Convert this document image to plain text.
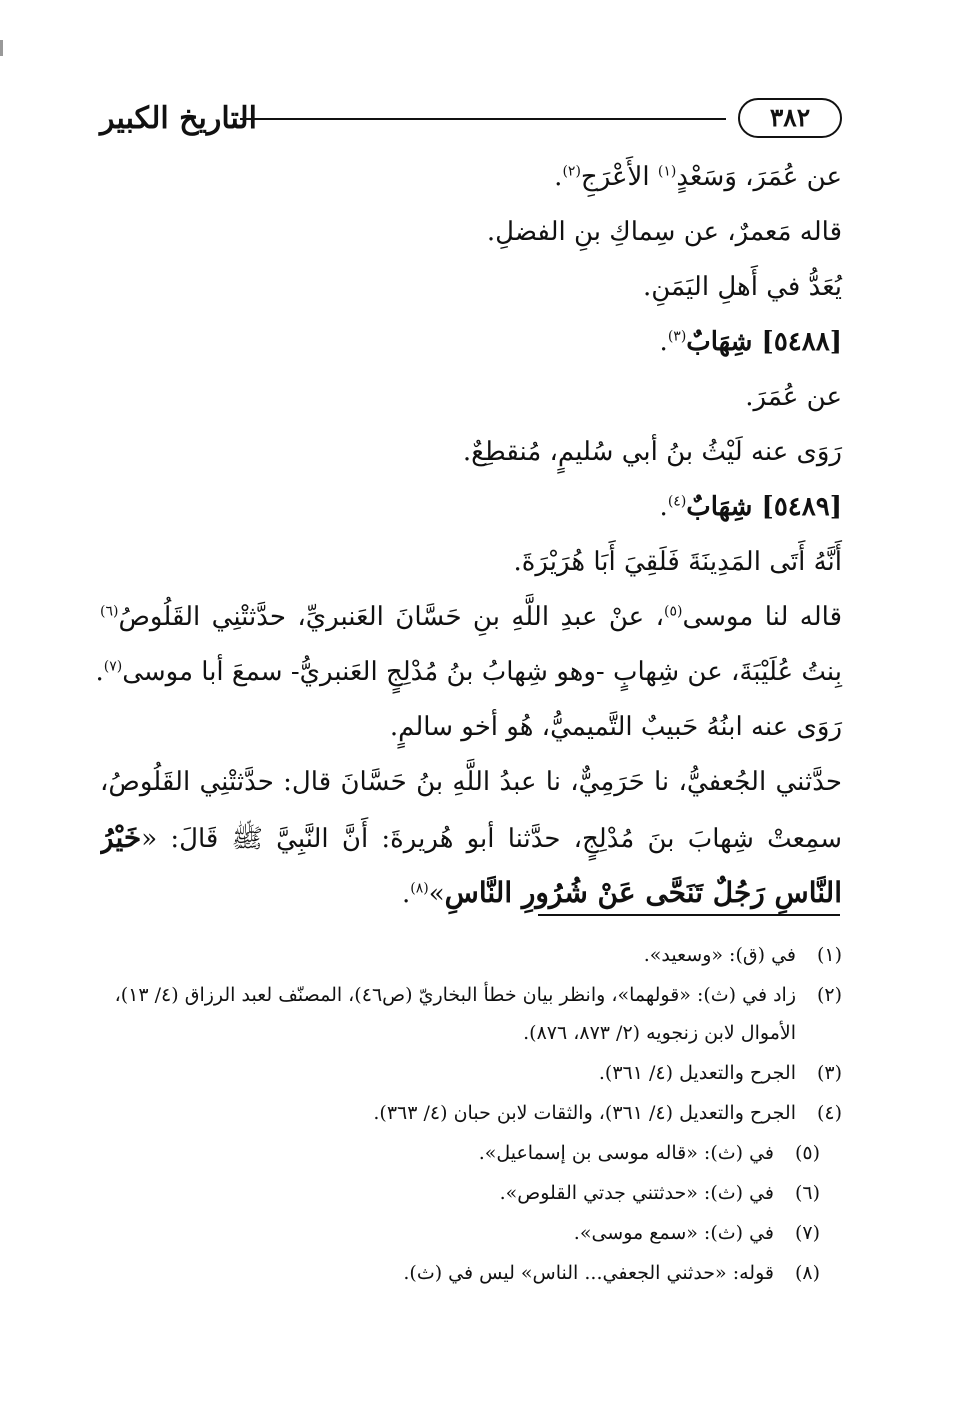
التاريخ الكبير	٣٨٢
عن عُمَرَ، وَسَعْدٍ$^{(١)}$ الأَعْرَجِ$^{(٢)}$.
قاله مَعمرٌ، عن سِماكِ بنِ الفضلِ.
يُعَدُّ في أَهلِ اليَمَنِ.
[٥٤٨٨] شِهَابٌ$^{(٣)}$.
عن عُمَرَ.
رَوَى عنه لَيْثُ بنُ أبي سُليمٍ، مُنقطِعٌ.
[٥٤٨٩] شِهَابٌ$^{(٤)}$.
أَنَّهُ أَتَى المَدِينَةَ فَلَقِيَ أَبَا هُرَيْرَةَ.
قاله لنا موسى$^{(٥)}$، عنْ عبدِ اللَّهِ بنِ حَسَّانَ العَنبريِّ، حدَّثتْنِي القَلُوصُ$^{(٦)}$
بِنتُ عُلَيْبَةَ، عن شِهابٍ -وهو شِهابُ بنُ مُدْلِجٍ العَنبريُّ- سمعَ أبا موسى$^{(٧)}$.
رَوَى عنه ابنُهُ حَبيبٌ التَّميميُّ، هُو أخو سالمٍ.
حدَّثني الجُعفيُّ، نا حَرَمِيٌّ، نا عبدُ اللَّهِ بنُ حَسَّانَ قال: حدَّثتْنِي القَلُوصُ،
سمِعتْ شِهابَ بنَ مُدْلِجٍ، حدَّثنا أبو هُريرةَ: أَنَّ النَّبِيَّ ﷺ قَالَ: «خَيْرُ
النَّاسِ رَجُلٌ تَنَحَّى عَنْ شُرُورِ النَّاسِ»$^{(٨)}$.
(١)
في (ق): «وسعيد».
(٢)
زاد في (ث): «قولهما»، وانظر بيان خطأ البخاريّ (ص٤٦)، المصنّف لعبد الرزاق (٤/ ١٣)، الأموال لابن زنجويه (٢/ ٨٧٣، ٨٧٦).
(٣)
الجرح والتعديل (٤/ ٣٦١).
(٤)
الجرح والتعديل (٤/ ٣٦١)، والثقات لابن حبان (٤/ ٣٦٣).
(٥)
في (ث): «قاله موسى بن إسماعيل».
(٦)
في (ث): «حدثتني جدتي القلوص».
(٧)
في (ث): «سمع موسى».
(٨)
قوله: «حدثني الجعفي... الناس» ليس في (ث).
